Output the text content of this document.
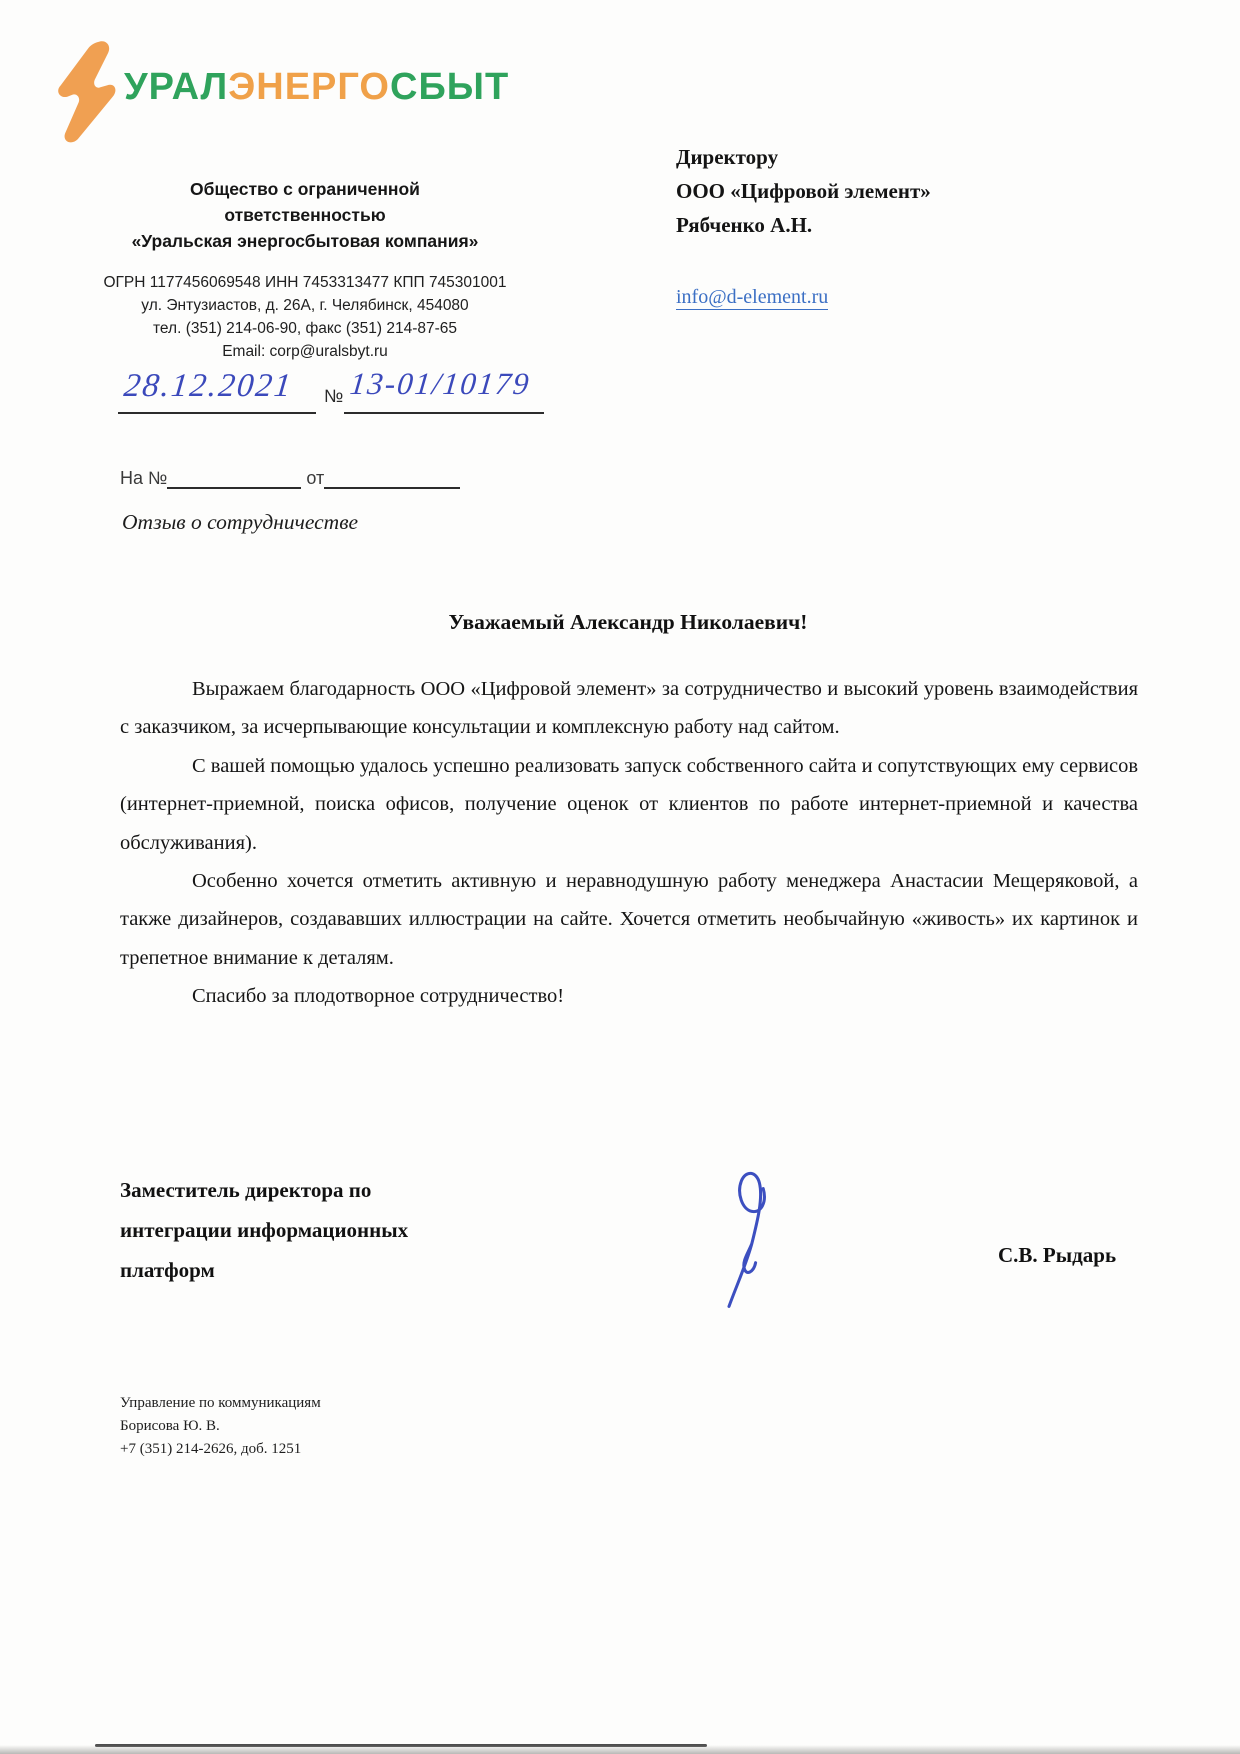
УРАЛЭНЕРГОСБЫТ
Общество с ограниченной
ответственностью
«Уральская энергосбытовая компания»
ОГРН 1177456069548 ИНН 7453313477 КПП 745301001
ул. Энтузиастов, д. 26А, г. Челябинск, 454080
тел. (351) 214-06-90, факс (351) 214-87-65
Email: corp@uralsbyt.ru
28.12.2021 № 13-01/10179
На №	от
Директору
ООО «Цифровой элемент»
Рябченко А.Н.
info@d-element.ru
Отзыв о сотрудничестве
Уважаемый Александр Николаевич!

Выражаем благодарность ООО «Цифровой элемент» за сотрудничество и высокий уровень взаимодействия с заказчиком, за исчерпывающие консультации и комплексную работу над сайтом.

С вашей помощью удалось успешно реализовать запуск собственного сайта и сопутствующих ему сервисов (интернет-приемной, поиска офисов, получение оценок от клиентов по работе интернет-приемной и качества обслуживания).

Особенно хочется отметить активную и неравнодушную работу менеджера Анастасии Мещеряковой, а также дизайнеров, создававших иллюстрации на сайте. Хочется отметить необычайную «живость» их картинок и трепетное внимание к деталям.

Спасибо за плодотворное сотрудничество!

Заместитель директора по
интеграции информационных
платформ
С.В. Рыдарь
Управление по коммуникациям
Борисова Ю. В.
+7 (351) 214-2626, доб. 1251
